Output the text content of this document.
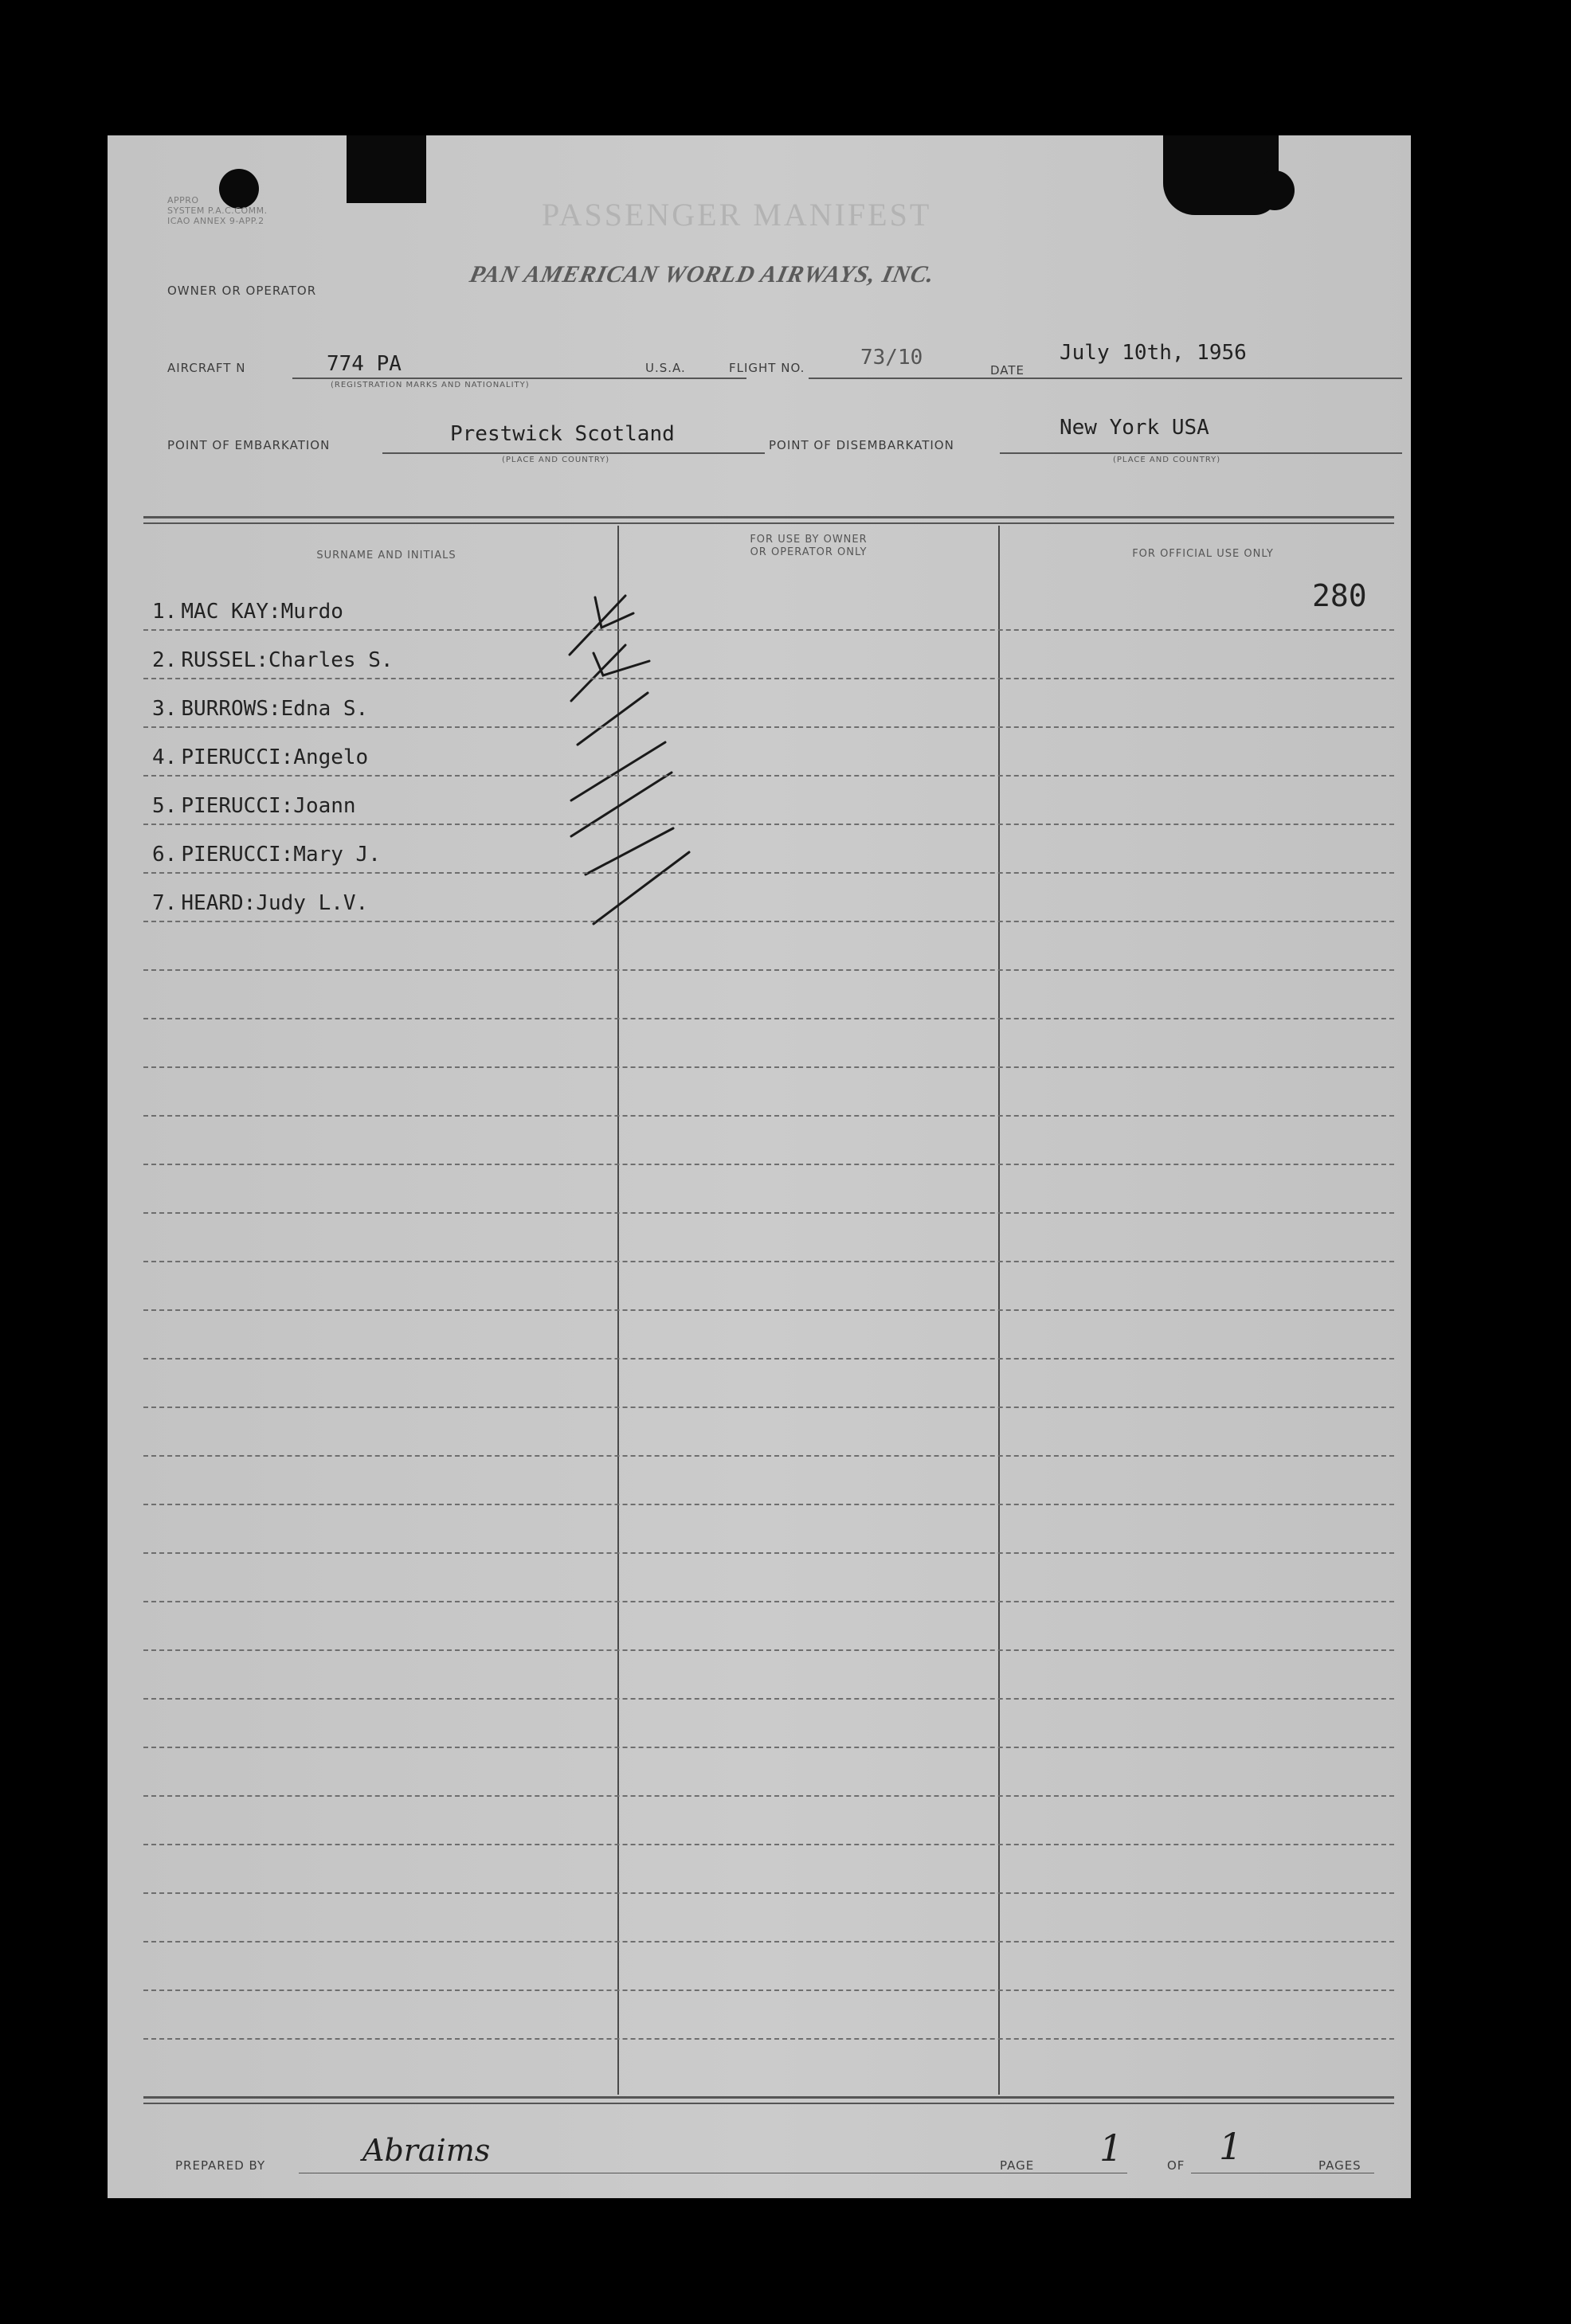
APPRO
SYSTEM P.A.C.COMM.
ICAO ANNEX 9-APP.2	PASSENGER MANIFEST
OWNER OR OPERATOR
PAN AMERICAN WORLD AIRWAYS, INC.
AIRCRAFT N	774 PA
(REGISTRATION MARKS AND NATIONALITY)
U.S.A.	FLIGHT NO.	73/10
DATE
July 10th, 1956
POINT OF EMBARKATION	Prestwick Scotland
(PLACE AND COUNTRY)
POINT OF DISEMBARKATION
New York USA
(PLACE AND COUNTRY)
SURNAME AND INITIALS
FOR USE BY OWNER
OR OPERATOR ONLY	FOR OFFICIAL USE ONLY
280
1. MAC KAY:Murdo
2. RUSSEL:Charles S.
3. BURROWS:Edna S.
4. PIERUCCI:Angelo
5. PIERUCCI:Joann
6. PIERUCCI:Mary J.
7. HEARD:Judy L.V.
PREPARED BY	Abraims	PAGE 1	OF 1	PAGES
